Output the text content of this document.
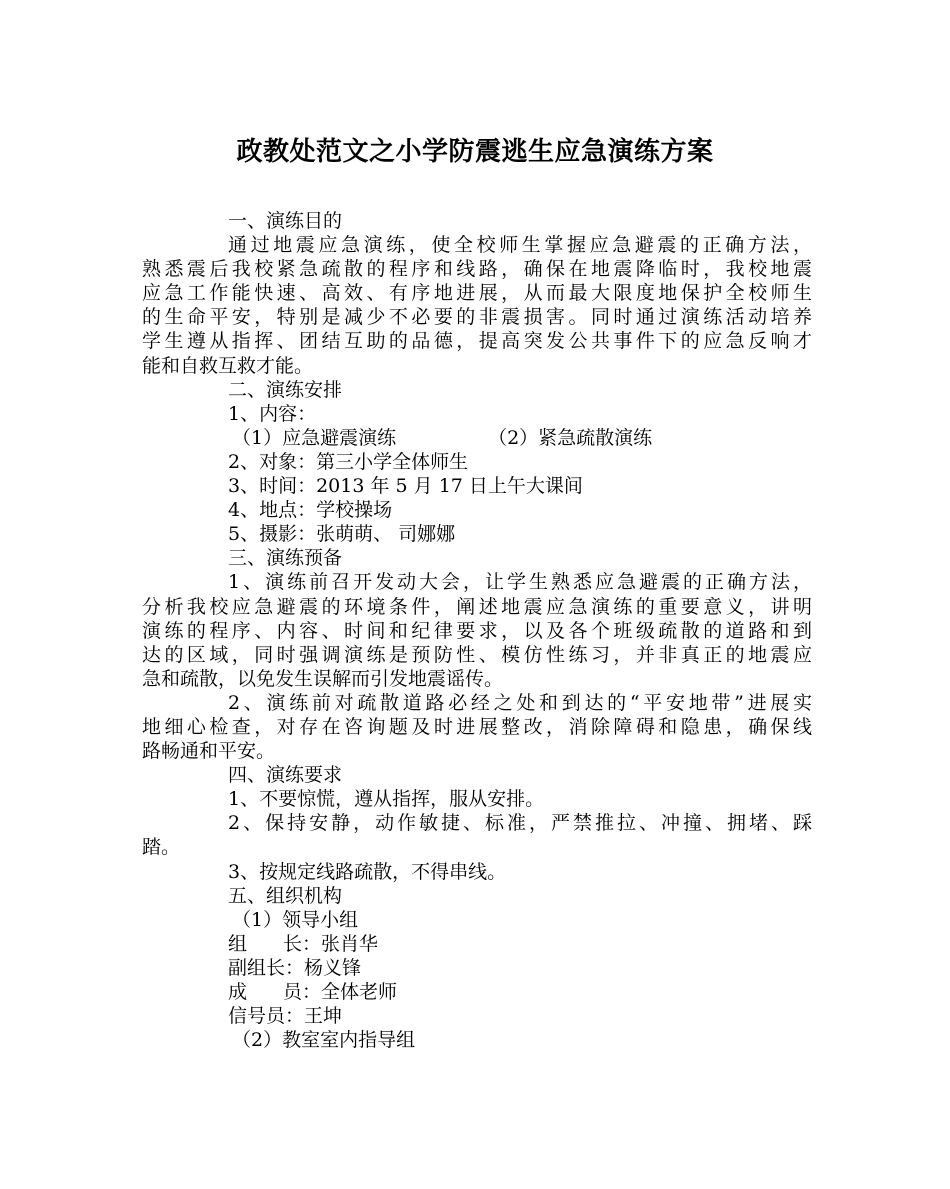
政教处范文之小学防震逃生应急演练方案
一、演练目的
通过地震应急演练，使全校师生掌握应急避震的正确方法，
熟悉震后我校紧急疏散的程序和线路，确保在地震降临时，我校地震
应急工作能快速、高效、有序地进展，从而最大限度地保护全校师生
的生命平安，特别是减少不必要的非震损害。同时通过演练活动培养
学生遵从指挥、团结互助的品德，提高突发公共事件下的应急反响才
能和自救互救才能。
二、演练安排
1、内容：
（1）应急避震演练	（2）紧急疏散演练
2、对象：第三小学全体师生
3、时间：2013 年 5 月 17 日上午大课间
4、地点：学校操场
5、摄影：张萌萌、 司娜娜
三、演练预备
1、演练前召开发动大会，让学生熟悉应急避震的正确方法，
分析我校应急避震的环境条件，阐述地震应急演练的重要意义，讲明
演练的程序、内容、时间和纪律要求，以及各个班级疏散的道路和到
达的区域，同时强调演练是预防性、模仿性练习，并非真正的地震应
急和疏散，以免发生误解而引发地震谣传。
2、演练前对疏散道路必经之处和到达的“平安地带”进展实
地细心检查，对存在咨询题及时进展整改，消除障碍和隐患，确保线
路畅通和平安。
四、演练要求
1、不要惊慌，遵从指挥，服从安排。
2、保持安静，动作敏捷、标准，严禁推拉、冲撞、拥堵、踩
踏。
3、按规定线路疏散，不得串线。
五、组织机构
（1）领导小组
组 长：张肖华
副组长：杨义锋
成 员：全体老师
信号员：王坤
（2）教室室内指导组
